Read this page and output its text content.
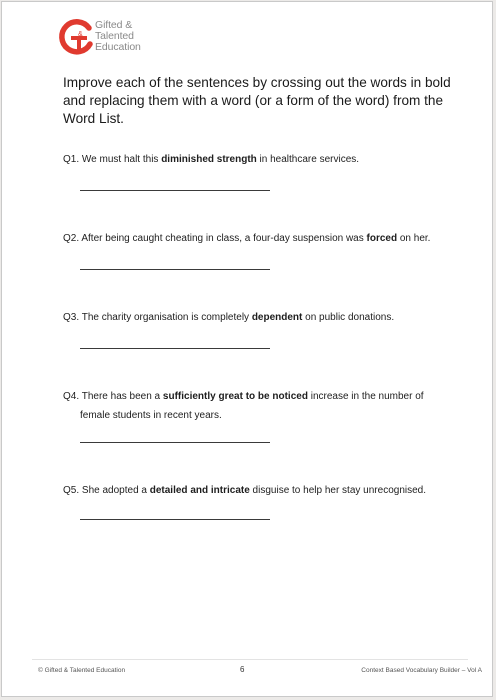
&
Gifted &
Talented
Education
Improve each of the sentences by crossing out the words in bold and replacing them with a word (or a form of the word) from the Word List.
Q1. We must halt this diminished strength in healthcare services.
Q2. After being caught cheating in class, a four-day suspension was forced on her.
Q3. The charity organisation is completely dependent on public donations.
Q4. There has been a sufficiently great to be noticed increase in the number of
female students in recent years.
Q5. She adopted a detailed and intricate disguise to help her stay unrecognised.
© Gifted & Talented Education	6	Context Based Vocabulary Builder – Vol A
